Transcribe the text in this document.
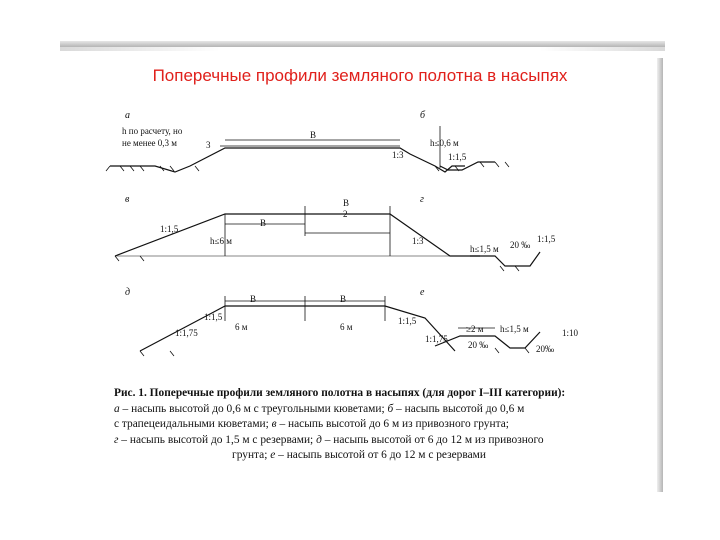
Поперечные профили земляного полотна в насыпях
а	б
в	г
д	е
h по расчету, но
не менее 0,3 м	3
B
1:3	1:1,5
h≤0,6 м
1:1,5
B
2
B
h≤6 м	1:3
h≤1,5 м 20 ‰
1:1,5
B	B
1:1,75
1:1,5	1:1,5
1:1,75
6 м	6 м	≥2 м
20 ‰
h≤1,5 м
20‰
1:10
Рис. 1. Поперечные профили земляного полотна в насыпях (для дорог I–III категории):
а – насыпь высотой до 0,6 м с треугольными кюветами; б – насыпь высотой до 0,6 м
с трапецеидальными кюветами; в – насыпь высотой до 6 м из привозного грунта;
г – насыпь высотой до 1,5 м с резервами; д – насыпь высотой от 6 до 12 м из привозного
грунта; е – насыпь высотой от 6 до 12 м с резервами
